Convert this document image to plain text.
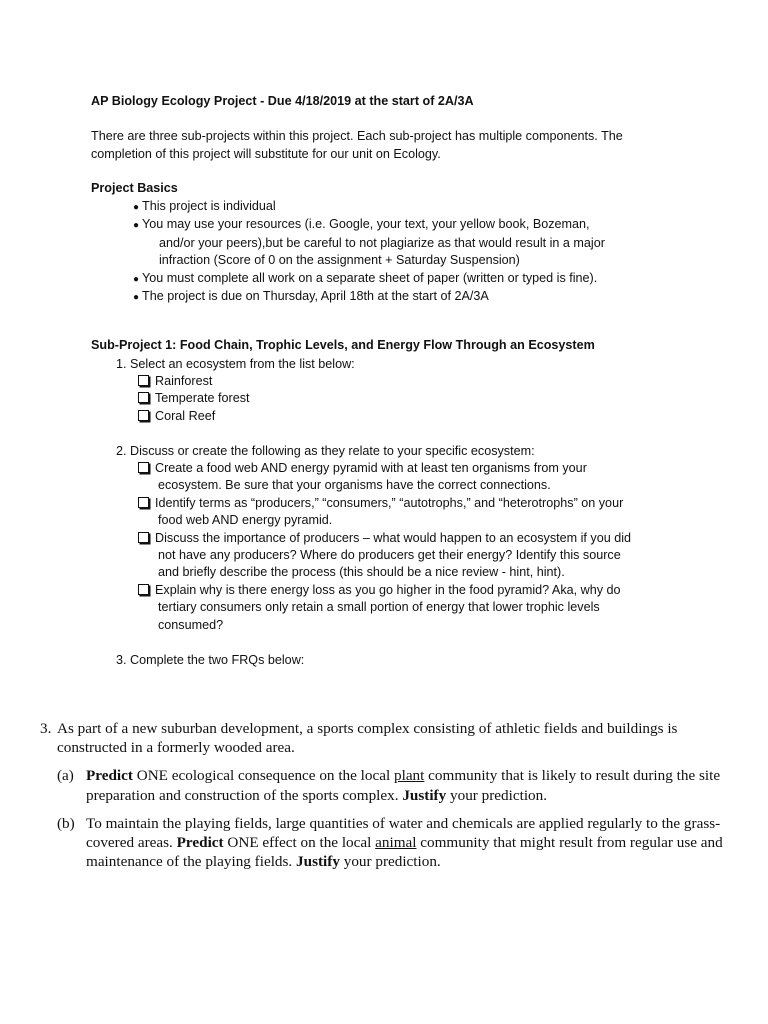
AP Biology Ecology Project - Due 4/18/2019 at the start of 2A/3A
There are three sub-projects within this project. Each sub-project has multiple components. The
completion of this project will substitute for our unit on Ecology.
Project Basics
● This project is individual
● You may use your resources (i.e. Google, your text, your yellow book, Bozeman,
and/or your peers),but be careful to not plagiarize as that would result in a major
infraction (Score of 0 on the assignment + Saturday Suspension)
● You must complete all work on a separate sheet of paper (written or typed is fine).
● The project is due on Thursday, April 18th at the start of 2A/3A
Sub-Project 1: Food Chain, Trophic Levels, and Energy Flow Through an Ecosystem
1. Select an ecosystem from the list below:
Rainforest
Temperate forest
Coral Reef
2. Discuss or create the following as they relate to your specific ecosystem:
Create a food web AND energy pyramid with at least ten organisms from your
ecosystem. Be sure that your organisms have the correct connections.
Identify terms as “producers,” “consumers,” “autotrophs,” and “heterotrophs” on your
food web AND energy pyramid.
Discuss the importance of producers – what would happen to an ecosystem if you did
not have any producers? Where do producers get their energy? Identify this source
and briefly describe the process (this should be a nice review - hint, hint).
Explain why is there energy loss as you go higher in the food pyramid? Aka, why do
tertiary consumers only retain a small portion of energy that lower trophic levels
consumed?
3. Complete the two FRQs below:
3. As part of a new suburban development, a sports complex consisting of athletic fields and buildings is
constructed in a formerly wooded area.
(a) Predict ONE ecological consequence on the local plant community that is likely to result during the site
preparation and construction of the sports complex. Justify your prediction.
(b) To maintain the playing fields, large quantities of water and chemicals are applied regularly to the grass-
covered areas. Predict ONE effect on the local animal community that might result from regular use and
maintenance of the playing fields. Justify your prediction.
